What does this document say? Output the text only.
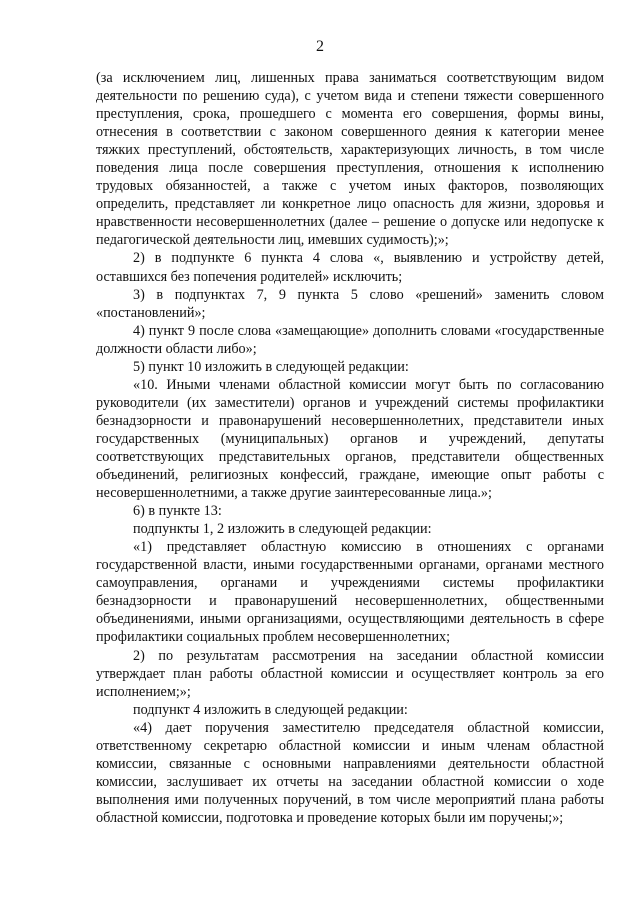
2

(за исключением лиц, лишенных права заниматься соответствующим видом деятельности по решению суда), с учетом вида и степени тяжести совершенного преступления, срока, прошедшего с момента его совершения, формы вины, отнесения в соответствии с законом совершенного деяния к категории менее тяжких преступлений, обстоятельств, характеризующих личность, в том числе поведения лица после совершения преступления, отношения к исполнению трудовых обязанностей, а также с учетом иных факторов, позволяющих определить, представляет ли конкретное лицо опасность для жизни, здоровья и нравственности несовершеннолетних (далее – решение о допуске или недопуске к педагогической деятельности лиц, имевших судимость);»;

2) в подпункте 6 пункта 4 слова «, выявлению и устройству детей, оставшихся без попечения родителей» исключить;

3) в подпунктах 7, 9 пункта 5 слово «решений» заменить словом «постановлений»;

4) пункт 9 после слова «замещающие» дополнить словами «государственные должности области либо»;

5) пункт 10 изложить в следующей редакции:

«10. Иными членами областной комиссии могут быть по согласованию руководители (их заместители) органов и учреждений системы профилактики безнадзорности и правонарушений несовершеннолетних, представители иных государственных (муниципальных) органов и учреждений, депутаты соответствующих представительных органов, представители общественных объединений, религиозных конфессий, граждане, имеющие опыт работы с несовершеннолетними, а также другие заинтересованные лица.»;

6) в пункте 13:

подпункты 1, 2 изложить в следующей редакции:

«1) представляет областную комиссию в отношениях с органами государственной власти, иными государственными органами, органами местного самоуправления, органами и учреждениями системы профилактики безнадзорности и правонарушений несовершеннолетних, общественными объединениями, иными организациями, осуществляющими деятельность в сфере профилактики социальных проблем несовершеннолетних;

2) по результатам рассмотрения на заседании областной комиссии утверждает план работы областной комиссии и осуществляет контроль за его исполнением;»;

подпункт 4 изложить в следующей редакции:

«4) дает поручения заместителю председателя областной комиссии, ответственному секретарю областной комиссии и иным членам областной комиссии, связанные с основными направлениями деятельности областной комиссии, заслушивает их отчеты на заседании областной комиссии о ходе выполнения ими полученных поручений, в том числе мероприятий плана работы областной комиссии, подготовка и проведение которых были им поручены;»;
